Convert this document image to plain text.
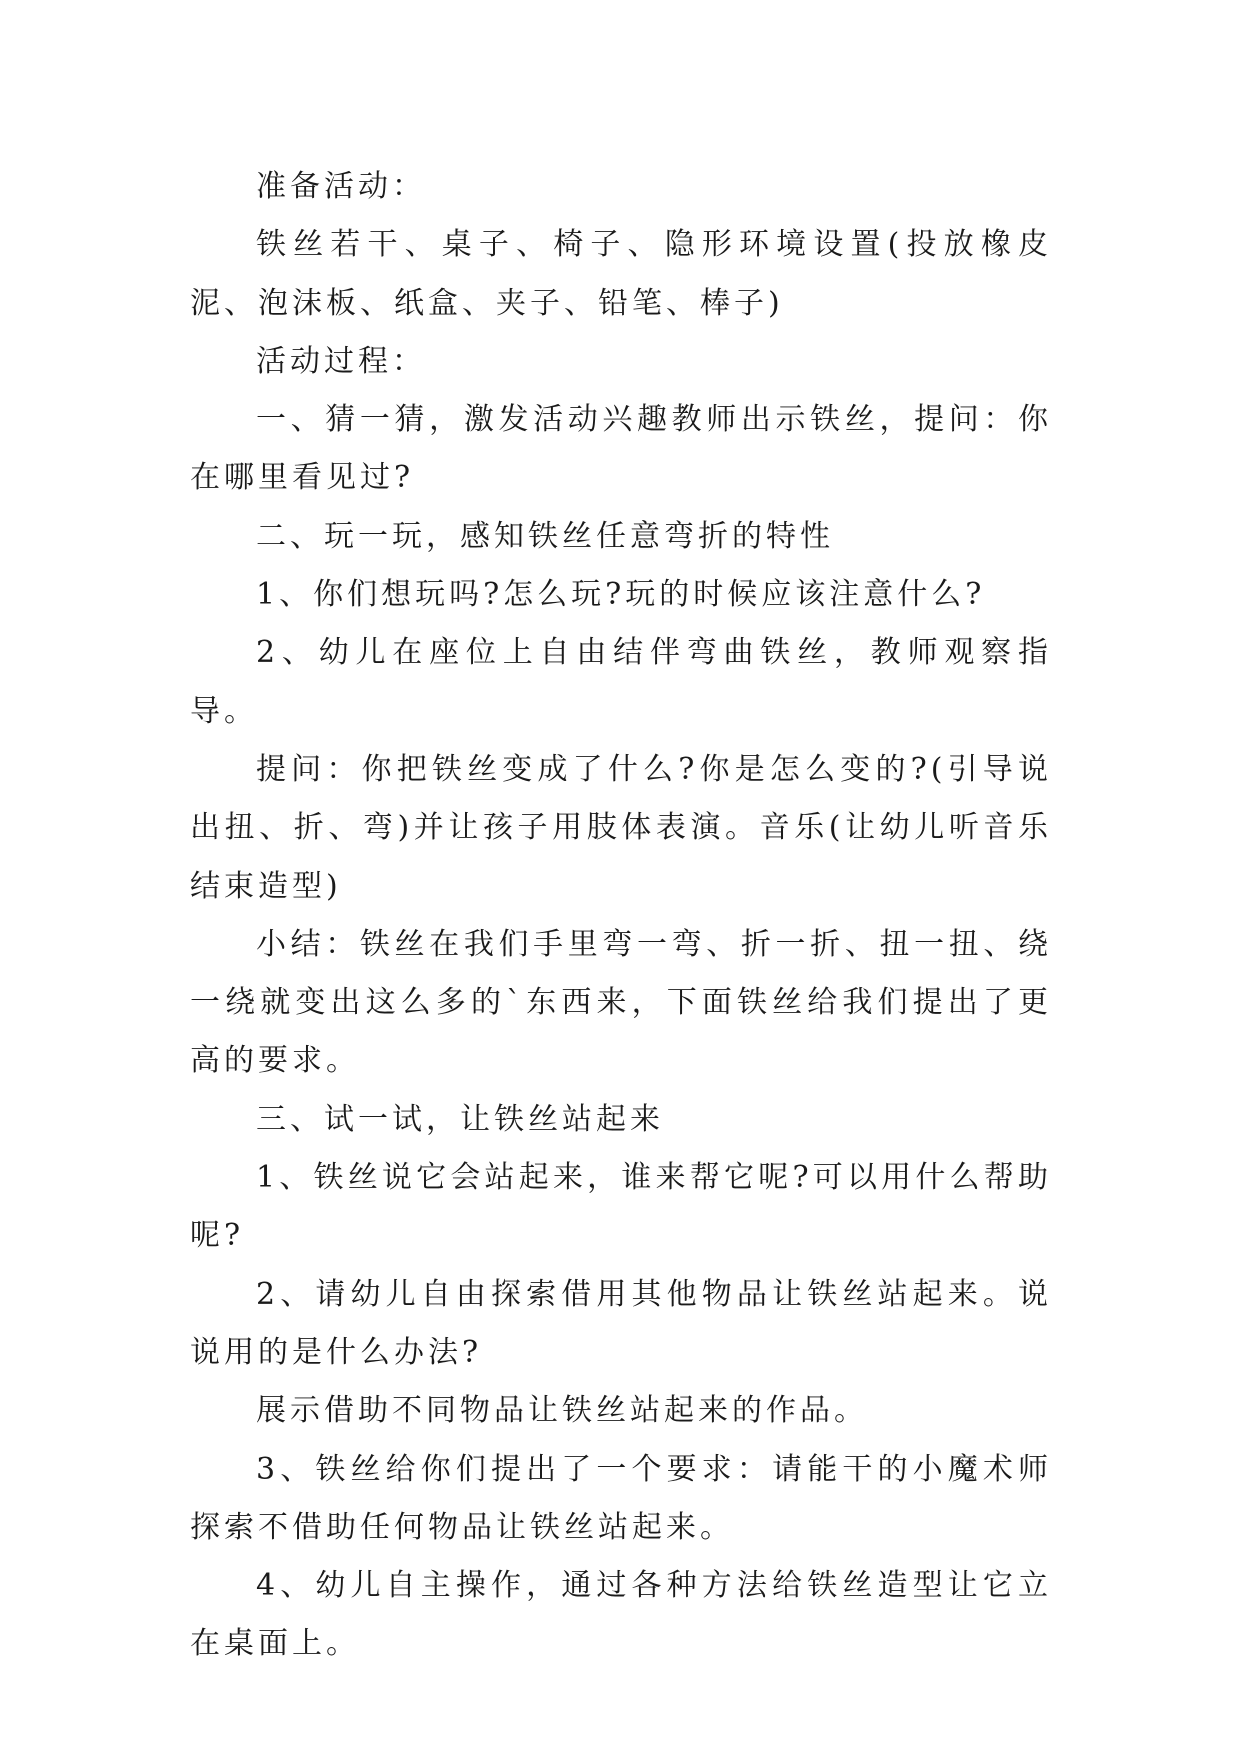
准备活动：

铁丝若干、桌子、椅子、隐形环境设置(投放橡皮泥、泡沫板、纸盒、夹子、铅笔、棒子)

活动过程：

一、猜一猜，激发活动兴趣教师出示铁丝，提问：你在哪里看见过?

二、玩一玩，感知铁丝任意弯折的特性

1、你们想玩吗?怎么玩?玩的时候应该注意什么?

2、幼儿在座位上自由结伴弯曲铁丝，教师观察指导。

提问：你把铁丝变成了什么?你是怎么变的?(引导说出扭、折、弯)并让孩子用肢体表演。音乐(让幼儿听音乐结束造型)

小结：铁丝在我们手里弯一弯、折一折、扭一扭、绕一绕就变出这么多的`东西来，下面铁丝给我们提出了更高的要求。

三、试一试，让铁丝站起来

1、铁丝说它会站起来，谁来帮它呢?可以用什么帮助呢?

2、请幼儿自由探索借用其他物品让铁丝站起来。说说用的是什么办法?

展示借助不同物品让铁丝站起来的作品。

3、铁丝给你们提出了一个要求：请能干的小魔术师探索不借助任何物品让铁丝站起来。

4、幼儿自主操作，通过各种方法给铁丝造型让它立在桌面上。
